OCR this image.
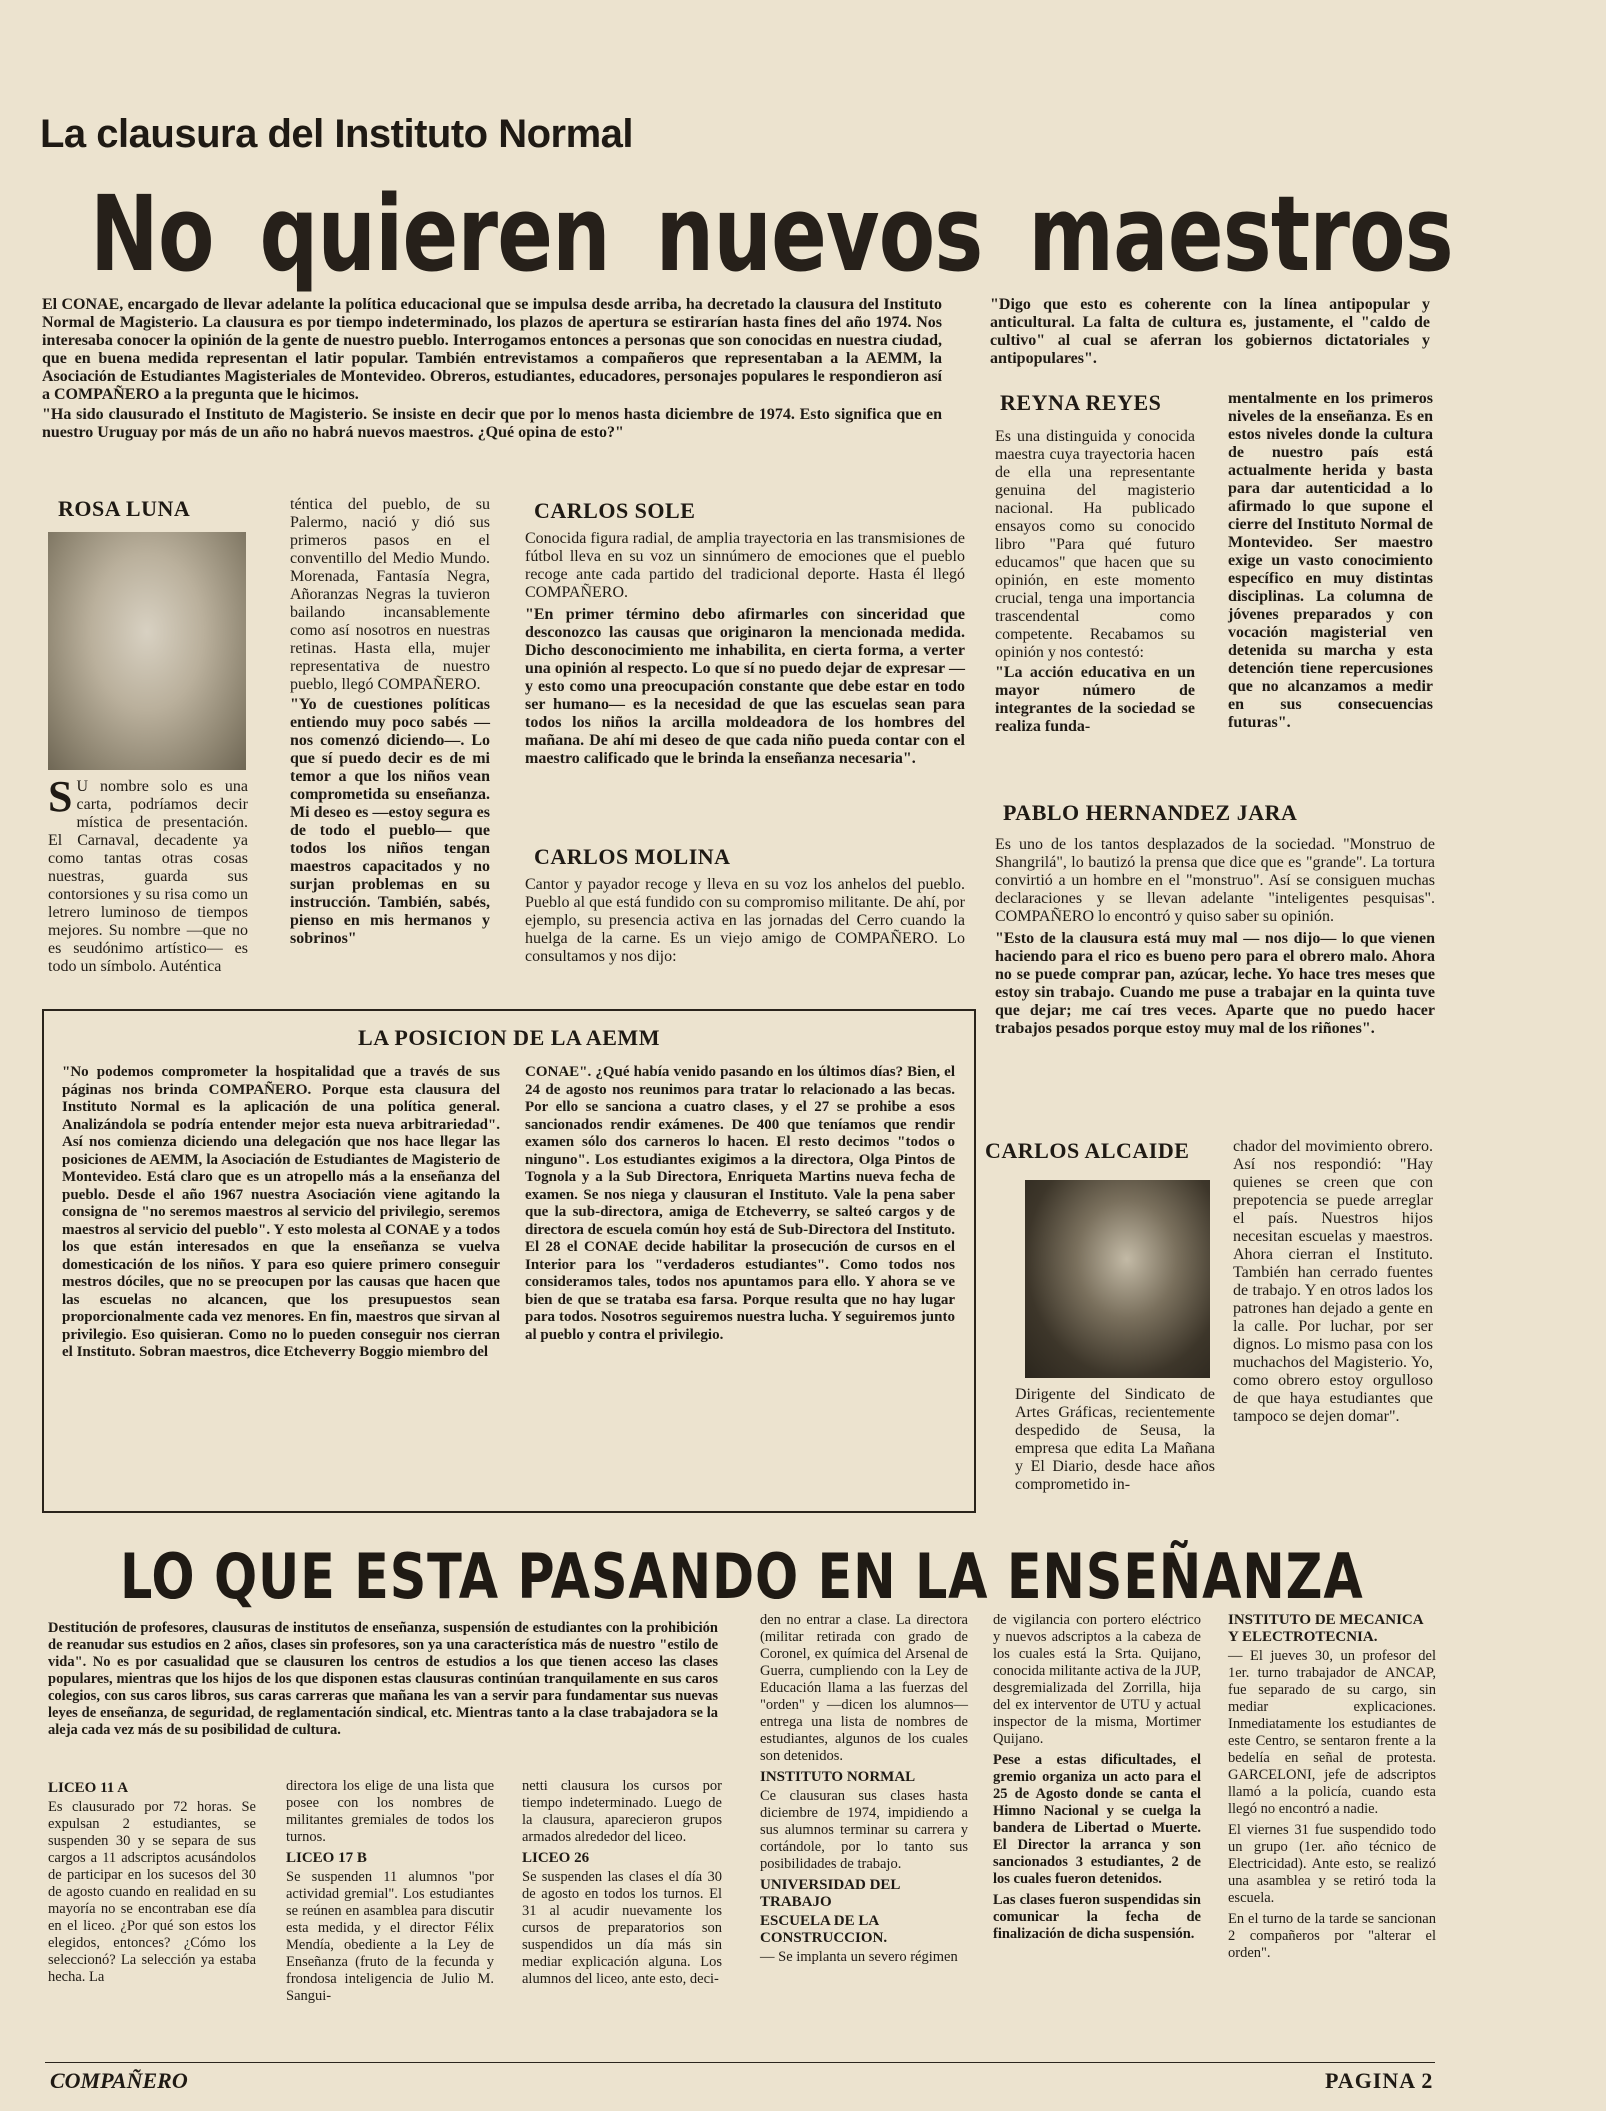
La clausura del Instituto Normal
No quieren nuevos maestros

El CONAE, encargado de llevar adelante la política educacional que se impulsa desde arriba, ha decretado la clausura del Instituto Normal de Magisterio. La clausura es por tiempo indeterminado, los plazos de apertura se estirarían hasta fines del año 1974. Nos interesaba conocer la opinión de la gente de nuestro pueblo. Interrogamos entonces a personas que son conocidas en nuestra ciudad, que en buena medida representan el latir popular. También entrevistamos a compañeros que representaban a la AEMM, la Asociación de Estudiantes Magisteriales de Montevideo. Obreros, estudiantes, educadores, personajes populares le respondieron así a COMPAÑERO a la pregunta que le hicimos.

"Ha sido clausurado el Instituto de Magisterio. Se insiste en decir que por lo menos hasta diciembre de 1974. Esto significa que en nuestro Uruguay por más de un año no habrá nuevos maestros. ¿Qué opina de esto?"

"Digo que esto es coherente con la línea antipopular y anticultural. La falta de cultura es, justamente, el "caldo de cultivo" al cual se aferran los gobiernos dictatoriales y antipopulares".

ROSA LUNA

S U nombre solo es una carta, podríamos decir mística de presentación. El Carnaval, decadente ya como tantas otras cosas nuestras, guarda sus contorsiones y su risa como un letrero luminoso de tiempos mejores. Su nombre —que no es seudónimo artístico— es todo un símbolo. Auténtica

téntica del pueblo, de su Palermo, nació y dió sus primeros pasos en el conventillo del Medio Mundo. Morenada, Fantasía Negra, Añoranzas Negras la tuvieron bailando incansablemente como así nosotros en nuestras retinas. Hasta ella, mujer representativa de nuestro pueblo, llegó COMPAÑERO.

"Yo de cuestiones políticas entiendo muy poco sabés —nos comenzó diciendo—. Lo que sí puedo decir es de mi temor a que los niños vean comprometida su enseñanza. Mi deseo es —estoy segura es de todo el pueblo— que todos los niños tengan maestros capacitados y no surjan problemas en su instrucción. También, sabés, pienso en mis hermanos y sobrinos"

CARLOS SOLE

Conocida figura radial, de amplia trayectoria en las transmisiones de fútbol lleva en su voz un sinnúmero de emociones que el pueblo recoge ante cada partido del tradicional deporte. Hasta él llegó COMPAÑERO.

"En primer término debo afirmarles con sinceridad que desconozco las causas que originaron la mencionada medida. Dicho desconocimiento me inhabilita, en cierta forma, a verter una opinión al respecto. Lo que sí no puedo dejar de expresar —y esto como una preocupación constante que debe estar en todo ser humano— es la necesidad de que las escuelas sean para todos los niños la arcilla moldeadora de los hombres del mañana. De ahí mi deseo de que cada niño pueda contar con el maestro calificado que le brinda la enseñanza necesaria".

CARLOS MOLINA

Cantor y payador recoge y lleva en su voz los anhelos del pueblo. Pueblo al que está fundido con su compromiso militante. De ahí, por ejemplo, su presencia activa en las jornadas del Cerro cuando la huelga de la carne. Es un viejo amigo de COMPAÑERO. Lo consultamos y nos dijo:

REYNA REYES

Es una distinguida y conocida maestra cuya trayectoria hacen de ella una representante genuina del magisterio nacional. Ha publicado ensayos como su conocido libro "Para qué futuro educamos" que hacen que su opinión, en este momento crucial, tenga una importancia trascendental como competente. Recabamos su opinión y nos contestó:

"La acción educativa en un mayor número de integrantes de la sociedad se realiza funda-

mentalmente en los primeros niveles de la enseñanza. Es en estos niveles donde la cultura de nuestro país está actualmente herida y basta para dar autenticidad a lo afirmado lo que supone el cierre del Instituto Normal de Montevideo. Ser maestro exige un vasto conocimiento específico en muy distintas disciplinas. La columna de jóvenes preparados y con vocación magisterial ven detenida su marcha y esta detención tiene repercusiones que no alcanzamos a medir en sus consecuencias futuras".

PABLO HERNANDEZ JARA

Es uno de los tantos desplazados de la sociedad. "Monstruo de Shangrilá", lo bautizó la prensa que dice que es "grande". La tortura convirtió a un hombre en el "monstruo". Así se consiguen muchas declaraciones y se llevan adelante "inteligentes pesquisas". COMPAÑERO lo encontró y quiso saber su opinión.

"Esto de la clausura está muy mal — nos dijo— lo que vienen haciendo para el rico es bueno pero para el obrero malo. Ahora no se puede comprar pan, azúcar, leche. Yo hace tres meses que estoy sin trabajo. Cuando me puse a trabajar en la quinta tuve que dejar; me caí tres veces. Aparte que no puedo hacer trabajos pesados porque estoy muy mal de los riñones".

CARLOS ALCAIDE

Dirigente del Sindicato de Artes Gráficas, recientemente despedido de Seusa, la empresa que edita La Mañana y El Diario, desde hace años comprometido in-

chador del movimiento obrero. Así nos respondió: "Hay quienes se creen que con prepotencia se puede arreglar el país. Nuestros hijos necesitan escuelas y maestros. Ahora cierran el Instituto. También han cerrado fuentes de trabajo. Y en otros lados los patrones han dejado a gente en la calle. Por luchar, por ser dignos. Lo mismo pasa con los muchachos del Magisterio. Yo, como obrero estoy orgulloso de que haya estudiantes que tampoco se dejen domar".

LA POSICION DE LA AEMM

"No podemos comprometer la hospitalidad que a través de sus páginas nos brinda COMPAÑERO. Porque esta clausura del Instituto Normal es la aplicación de una política general. Analizándola se podría entender mejor esta nueva arbitrariedad". Así nos comienza diciendo una delegación que nos hace llegar las posiciones de AEMM, la Asociación de Estudiantes de Magisterio de Montevideo. Está claro que es un atropello más a la enseñanza del pueblo. Desde el año 1967 nuestra Asociación viene agitando la consigna de "no seremos maestros al servicio del privilegio, seremos maestros al servicio del pueblo". Y esto molesta al CONAE y a todos los que están interesados en que la enseñanza se vuelva domesticación de los niños. Y para eso quiere primero conseguir mestros dóciles, que no se preocupen por las causas que hacen que las escuelas no alcancen, que los presupuestos sean proporcionalmente cada vez menores. En fin, maestros que sirvan al privilegio. Eso quisieran. Como no lo pueden conseguir nos cierran el Instituto. Sobran maestros, dice Etcheverry Boggio miembro del

CONAE". ¿Qué había venido pasando en los últimos días? Bien, el 24 de agosto nos reunimos para tratar lo relacionado a las becas. Por ello se sanciona a cuatro clases, y el 27 se prohibe a esos sancionados rendir exámenes. De 400 que teníamos que rendir examen sólo dos carneros lo hacen. El resto decimos "todos o ninguno". Los estudiantes exigimos a la directora, Olga Pintos de Tognola y a la Sub Directora, Enriqueta Martins nueva fecha de examen. Se nos niega y clausuran el Instituto. Vale la pena saber que la sub-directora, amiga de Etcheverry, se salteó cargos y de directora de escuela común hoy está de Sub-Directora del Instituto. El 28 el CONAE decide habilitar la prosecución de cursos en el Interior para los "verdaderos estudiantes". Como todos nos consideramos tales, todos nos apuntamos para ello. Y ahora se ve bien de que se trataba esa farsa. Porque resulta que no hay lugar para todos. Nosotros seguiremos nuestra lucha. Y seguiremos junto al pueblo y contra el privilegio.

LO QUE ESTA PASANDO EN LA ENSEÑANZA

Destitución de profesores, clausuras de institutos de enseñanza, suspensión de estudiantes con la prohibición de reanudar sus estudios en 2 años, clases sin profesores, son ya una característica más de nuestro "estilo de vida". No es por casualidad que se clausuren los centros de estudios a los que tienen acceso las clases populares, mientras que los hijos de los que disponen estas clausuras continúan tranquilamente en sus caros colegios, con sus caros libros, sus caras carreras que mañana les van a servir para fundamentar sus nuevas leyes de enseñanza, de seguridad, de reglamentación sindical, etc. Mientras tanto a la clase trabajadora se la aleja cada vez más de su posibilidad de cultura.

LICEO 11 A

Es clausurado por 72 horas. Se expulsan 2 estudiantes, se suspenden 30 y se separa de sus cargos a 11 adscriptos acusándolos de participar en los sucesos del 30 de agosto cuando en realidad en su mayoría no se encontraban ese día en el liceo. ¿Por qué son estos los elegidos, entonces? ¿Cómo los seleccionó? La selección ya estaba hecha. La

directora los elige de una lista que posee con los nombres de militantes gremiales de todos los turnos.

LICEO 17 B

Se suspenden 11 alumnos "por actividad gremial". Los estudiantes se reúnen en asamblea para discutir esta medida, y el director Félix Mendía, obediente a la Ley de Enseñanza (fruto de la fecunda y frondosa inteligencia de Julio M. Sangui-

netti clausura los cursos por tiempo indeterminado. Luego de la clausura, aparecieron grupos armados alrededor del liceo.

LICEO 26

Se suspenden las clases el día 30 de agosto en todos los turnos. El 31 al acudir nuevamente los cursos de preparatorios son suspendidos un día más sin mediar explicación alguna. Los alumnos del liceo, ante esto, deci-

den no entrar a clase. La directora (militar retirada con grado de Coronel, ex química del Arsenal de Guerra, cumpliendo con la Ley de Educación llama a las fuerzas del "orden" y —dicen los alumnos— entrega una lista de nombres de estudiantes, algunos de los cuales son detenidos.

INSTITUTO NORMAL

Ce clausuran sus clases hasta diciembre de 1974, impidiendo a sus alumnos terminar su carrera y cortándole, por lo tanto sus posibilidades de trabajo.

UNIVERSIDAD DEL TRABAJO
ESCUELA DE LA CONSTRUCCION.

— Se implanta un severo régimen

de vigilancia con portero eléctrico y nuevos adscriptos a la cabeza de los cuales está la Srta. Quijano, conocida militante activa de la JUP, desgremializada del Zorrilla, hija del ex interventor de UTU y actual inspector de la misma, Mortimer Quijano.

Pese a estas dificultades, el gremio organiza un acto para el 25 de Agosto donde se canta el Himno Nacional y se cuelga la bandera de Libertad o Muerte. El Director la arranca y son sancionados 3 estudiantes, 2 de los cuales fueron detenidos.

Las clases fueron suspendidas sin comunicar la fecha de finalización de dicha suspensión.

INSTITUTO DE MECANICA Y ELECTROTECNIA.

— El jueves 30, un profesor del 1er. turno trabajador de ANCAP, fue separado de su cargo, sin mediar explicaciones. Inmediatamente los estudiantes de este Centro, se sentaron frente a la bedelía en señal de protesta. GARCELONI, jefe de adscriptos llamó a la policía, cuando esta llegó no encontró a nadie.

El viernes 31 fue suspendido todo un grupo (1er. año técnico de Electricidad). Ante esto, se realizó una asamblea y se retiró toda la escuela.

En el turno de la tarde se sancionan 2 compañeros por "alterar el orden".

COMPAÑERO	PAGINA 2
